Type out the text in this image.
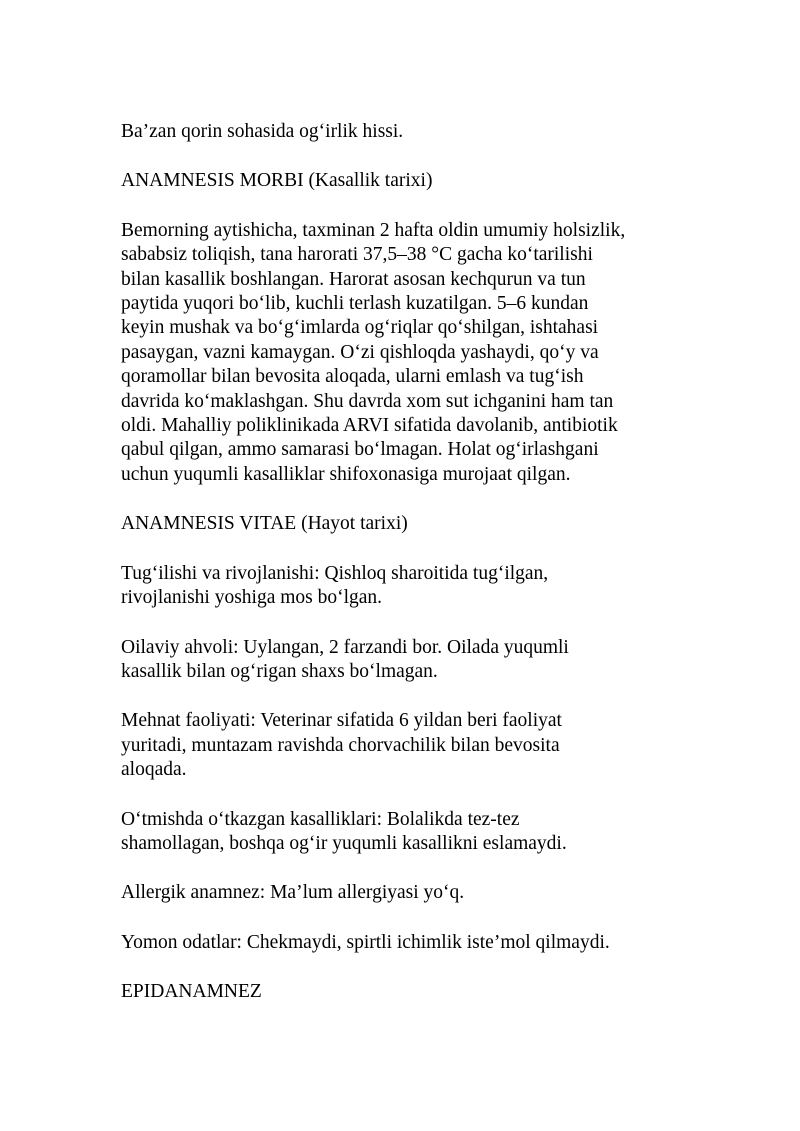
Ba’zan qorin sohasida og‘irlik hissi.

ANAMNESIS MORBI (Kasallik tarixi)

Bemorning aytishicha, taxminan 2 hafta oldin umumiy holsizlik,
sababsiz toliqish, tana harorati 37,5–38 °C gacha ko‘tarilishi
bilan kasallik boshlangan. Harorat asosan kechqurun va tun
paytida yuqori bo‘lib, kuchli terlash kuzatilgan. 5–6 kundan
keyin mushak va bo‘g‘imlarda og‘riqlar qo‘shilgan, ishtahasi
pasaygan, vazni kamaygan. O‘zi qishloqda yashaydi, qo‘y va
qoramollar bilan bevosita aloqada, ularni emlash va tug‘ish
davrida ko‘maklashgan. Shu davrda xom sut ichganini ham tan
oldi. Mahalliy poliklinikada ARVI sifatida davolanib, antibiotik
qabul qilgan, ammo samarasi bo‘lmagan. Holat og‘irlashgani
uchun yuqumli kasalliklar shifoxonasiga murojaat qilgan.

ANAMNESIS VITAE (Hayot tarixi)

Tug‘ilishi va rivojlanishi: Qishloq sharoitida tug‘ilgan,
rivojlanishi yoshiga mos bo‘lgan.

Oilaviy ahvoli: Uylangan, 2 farzandi bor. Oilada yuqumli
kasallik bilan og‘rigan shaxs bo‘lmagan.

Mehnat faoliyati: Veterinar sifatida 6 yildan beri faoliyat
yuritadi, muntazam ravishda chorvachilik bilan bevosita
aloqada.

O‘tmishda o‘tkazgan kasalliklari: Bolalikda tez-tez
shamollagan, boshqa og‘ir yuqumli kasallikni eslamaydi.

Allergik anamnez: Ma’lum allergiyasi yo‘q.

Yomon odatlar: Chekmaydi, spirtli ichimlik iste’mol qilmaydi.

EPIDANAMNEZ
